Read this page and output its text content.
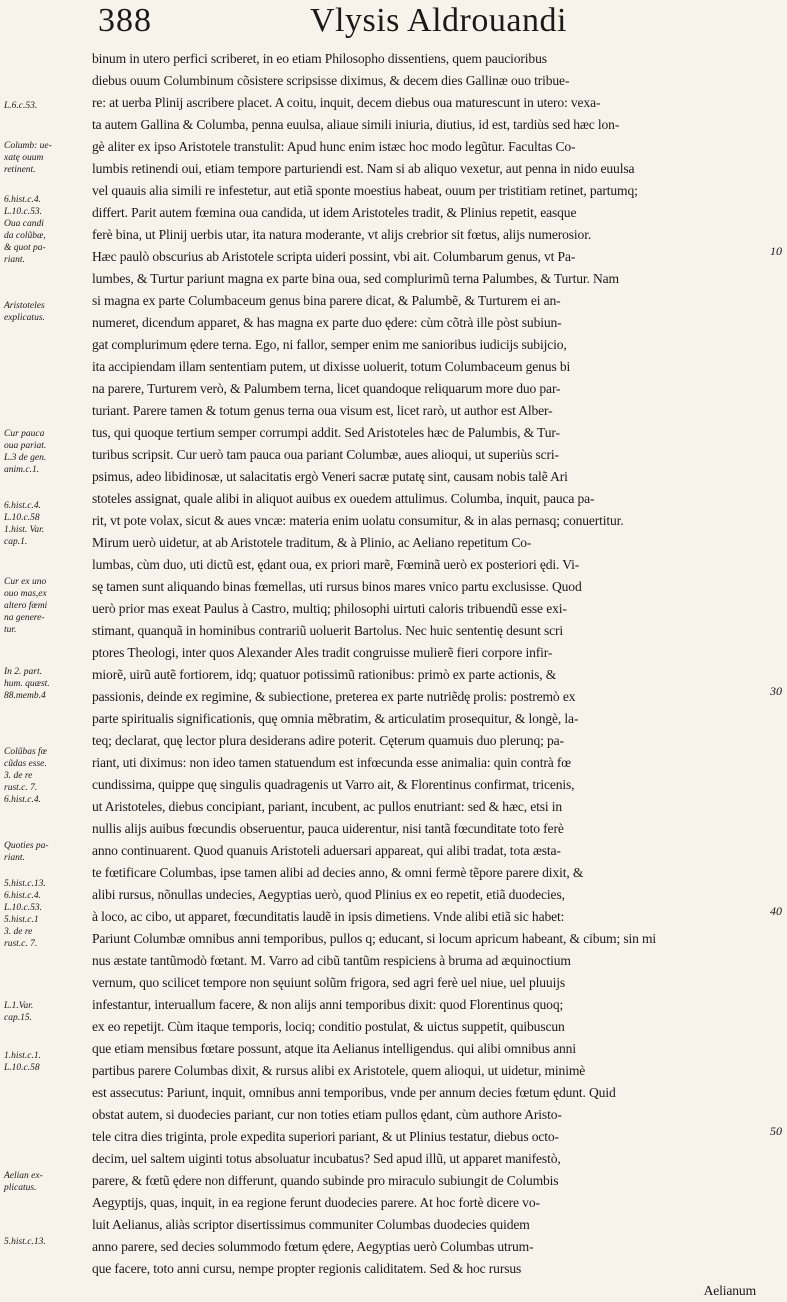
388	Vlysis Aldrouandi
L.6.c.53.
Columb: ue-
xatę ouum
retinent.
6.hist.c.4.
L.10.c.53.
Oua candi
da colũbæ,
& quot pa-
riant.
Aristoteles
explicatus.
Cur pauca
oua pariat.
L.3 de gen.
anim.c.1.
6.hist.c.4.
L.10.c.58
1.hist. Var.
cap.1.
Cur ex uno
ouo mas,ex
altero fœmi
na genere-
tur.
In 2. part.
hum. quæst.
88.memb.4
Colũbas fœ
cũdas esse.
3. de re
rust.c. 7.
6.hist.c.4.
Quoties pa-
riant.
5.hist.c.13.
6.hist.c.4.
L.10.c.53.
5.hist.c.1
3. de re
rust.c. 7.
L.1.Var.
cap.15.
1.hist.c.1.
L.10.c.58
Aelian ex-
plicatus.
5.hist.c.13.
binum in utero perfici scriberet, in eo etiam Philosopho dissentiens, quem paucioribus
diebus ouum Columbinum cõsistere scripsisse diximus, & decem dies Gallinæ ouo tribue-
re: at uerba Plinij ascribere placet. A coitu, inquit, decem diebus oua maturescunt in utero: vexa-
ta autem Gallina & Columba, penna euulsa, aliaue simili iniuria, diutius, id est, tardiùs sed hæc lon-
gè aliter ex ipso Aristotele transtulit: Apud hunc enim istæc hoc modo legũtur. Facultas Co-
lumbis retinendi oui, etiam tempore parturiendi est. Nam si ab aliquo vexetur, aut penna in nido euulsa
vel quauis alia simili re infestetur, aut etiã sponte moestius habeat, ouum per tristitiam retinet, partumq;
differt. Parit autem fœmina oua candida, ut idem Aristoteles tradit, & Plinius repetit, easque
ferè bina, ut Plinij uerbis utar, ita natura moderante, vt alijs crebrior sit fœtus, alijs numerosior.
Hæc paulò obscurius ab Aristotele scripta uideri possint, vbi ait. Columbarum genus, vt Pa-
lumbes, & Turtur pariunt magna ex parte bina oua, sed complurimũ terna Palumbes, & Turtur. Nam
si magna ex parte Columbaceum genus bina parere dicat, & Palumbẽ, & Turturem ei an-
numeret, dicendum apparet, & has magna ex parte duo ędere: cùm cõtrà ille pòst subiun-
gat complurimum ędere terna. Ego, ni fallor, semper enim me sanioribus iudicijs subijcio,
ita accipiendam illam sententiam putem, ut dixisse uoluerit, totum Columbaceum genus bi
na parere, Turturem verò, & Palumbem terna, licet quandoque reliquarum more duo par-
turiant. Parere tamen & totum genus terna oua visum est, licet rarò, ut author est Alber-
tus, qui quoque tertium semper corrumpi addit. Sed Aristoteles hæc de Palumbis, & Tur-
turibus scripsit. Cur uerò tam pauca oua pariant Columbæ, aues alioqui, ut superiùs scri-
psimus, adeo libidinosæ, ut salacitatis ergò Veneri sacræ putatę sint, causam nobis talẽ Ari
stoteles assignat, quale alibi in aliquot auibus ex ouedem attulimus. Columba, inquit, pauca pa-
rit, vt pote volax, sicut & aues vncæ: materia enim uolatu consumitur, & in alas pernasq; conuertitur.
Mirum uerò uidetur, at ab Aristotele traditum, & à Plinio, ac Aeliano repetitum Co-
lumbas, cùm duo, uti dictũ est, ędant oua, ex priori marẽ, Fœminã uerò ex posteriori ędi. Vi-
sę tamen sunt aliquando binas fœmellas, uti rursus binos mares vnico partu exclusisse. Quod
uerò prior mas exeat Paulus à Castro, multiq; philosophi uirtuti caloris tribuendũ esse exi-
stimant, quanquã in hominibus contrariũ uoluerit Bartolus. Nec huic sententię desunt scri
ptores Theologi, inter quos Alexander Ales tradit congruisse mulierẽ fieri corpore infir-
miorẽ, uirũ autẽ fortiorem, idq; quatuor potissimũ rationibus: primò ex parte actionis, &
passionis, deinde ex regimine, & subiectione, preterea ex parte nutriẽdę prolis: postremò ex
parte spiritualis significationis, quę omnia mẽbratim, & articulatim prosequitur, & longè, la-
teq; declarat, quę lector plura desiderans adire poterit. Cęterum quamuis duo plerunq; pa-
riant, uti diximus: non ideo tamen statuendum est infœcunda esse animalia: quin contrà fœ
cundissima, quippe quę singulis quadragenis ut Varro ait, & Florentinus confirmat, tricenis,
ut Aristoteles, diebus concipiant, pariant, incubent, ac pullos enutriant: sed & hæc, etsi in
nullis alijs auibus fœcundis obseruentur, pauca uiderentur, nisi tantã fœcunditate toto ferè
anno continuarent. Quod quanuis Aristoteli aduersari appareat, qui alibi tradat, tota æsta-
te fœtificare Columbas, ipse tamen alibi ad decies anno, & omni fermè tẽpore parere dixit, &
alibi rursus, nõnullas undecies, Aegyptias uerò, quod Plinius ex eo repetit, etiã duodecies,
à loco, ac cibo, ut apparet, fœcunditatis laudẽ in ipsis dimetiens. Vnde alibi etiã sic habet:
Pariunt Columbæ omnibus anni temporibus, pullos q; educant, si locum apricum habeant, & cibum; sin mi
nus æstate tantũmodò fœtant. M. Varro ad cibũ tantũm respiciens à bruma ad æquinoctium
vernum, quo scilicet tempore non sęuiunt solũm frigora, sed agri ferè uel niue, uel pluuijs
infestantur, interuallum facere, & non alijs anni temporibus dixit: quod Florentinus quoq;
ex eo repetijt. Cùm itaque temporis, lociq; conditio postulat, & uictus suppetit, quibuscun
que etiam mensibus fœtare possunt, atque ita Aelianus intelligendus. qui alibi omnibus anni
partibus parere Columbas dixit, & rursus alibi ex Aristotele, quem alioqui, ut uidetur, minimè
est assecutus: Pariunt, inquit, omnibus anni temporibus, vnde per annum decies fœtum ędunt. Quid
obstat autem, si duodecies pariant, cur non toties etiam pullos ędant, cùm authore Aristo-
tele citra dies triginta, prole expedita superiori pariant, & ut Plinius testatur, diebus octo-
decim, uel saltem uiginti totus absoluatur incubatus? Sed apud illũ, ut apparet manifestò,
parere, & fœtũ ędere non differunt, quando subinde pro miraculo subiungit de Columbis
Aegyptijs, quas, inquit, in ea regione ferunt duodecies parere. At hoc fortè dicere vo-
luit Aelianus, aliàs scriptor disertissimus communiter Columbas duodecies quidem
anno parere, sed decies solummodo fœtum ędere, Aegyptias uerò Columbas utrum-
que facere, toto anni cursu, nempe propter regionis caliditatem. Sed & hoc rursus
Aelianum
10
30
40
50
